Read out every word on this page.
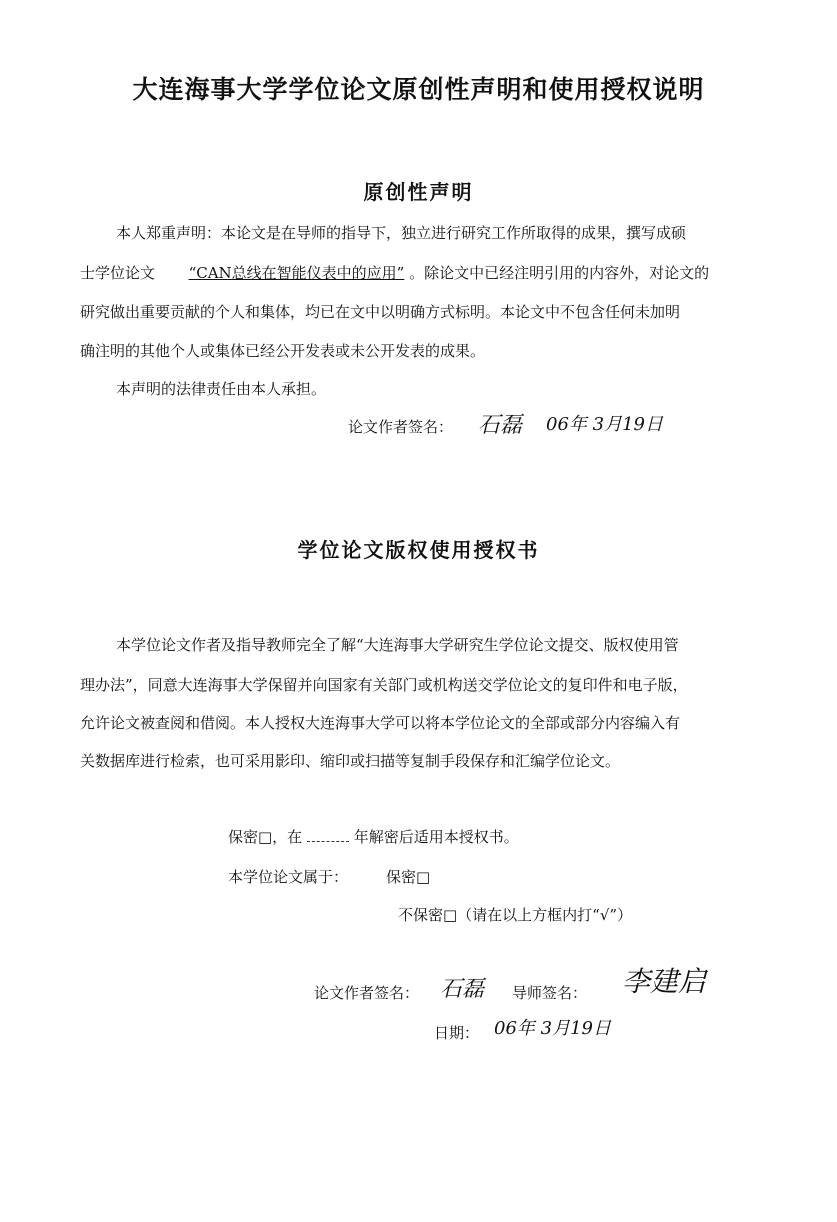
大连海事大学学位论文原创性声明和使用授权说明
原创性声明
本人郑重声明：本论文是在导师的指导下，独立进行研究工作所取得的成果，撰写成硕
士学位论文 “CAN总线在智能仪表中的应用” 。除论文中已经注明引用的内容外，对论文的
研究做出重要贡献的个人和集体，均已在文中以明确方式标明。本论文中不包含任何未加明
确注明的其他个人或集体已经公开发表或未公开发表的成果。
本声明的法律责任由本人承担。
论文作者签名： 石磊 06年 3月19日
学位论文版权使用授权书
本学位论文作者及指导教师完全了解“大连海事大学研究生学位论文提交、版权使用管
理办法”，同意大连海事大学保留并向国家有关部门或机构送交学位论文的复印件和电子版，
允许论文被查阅和借阅。本人授权大连海事大学可以将本学位论文的全部或部分内容编入有
关数据库进行检索，也可采用影印、缩印或扫描等复制手段保存和汇编学位论文。
保密□，在	年解密后适用本授权书。
本学位论文属于：	保密□
不保密□（请在以上方框内打“√”）
论文作者签名： 石磊 导师签名： 李建启
日期： 06年 3月19日
